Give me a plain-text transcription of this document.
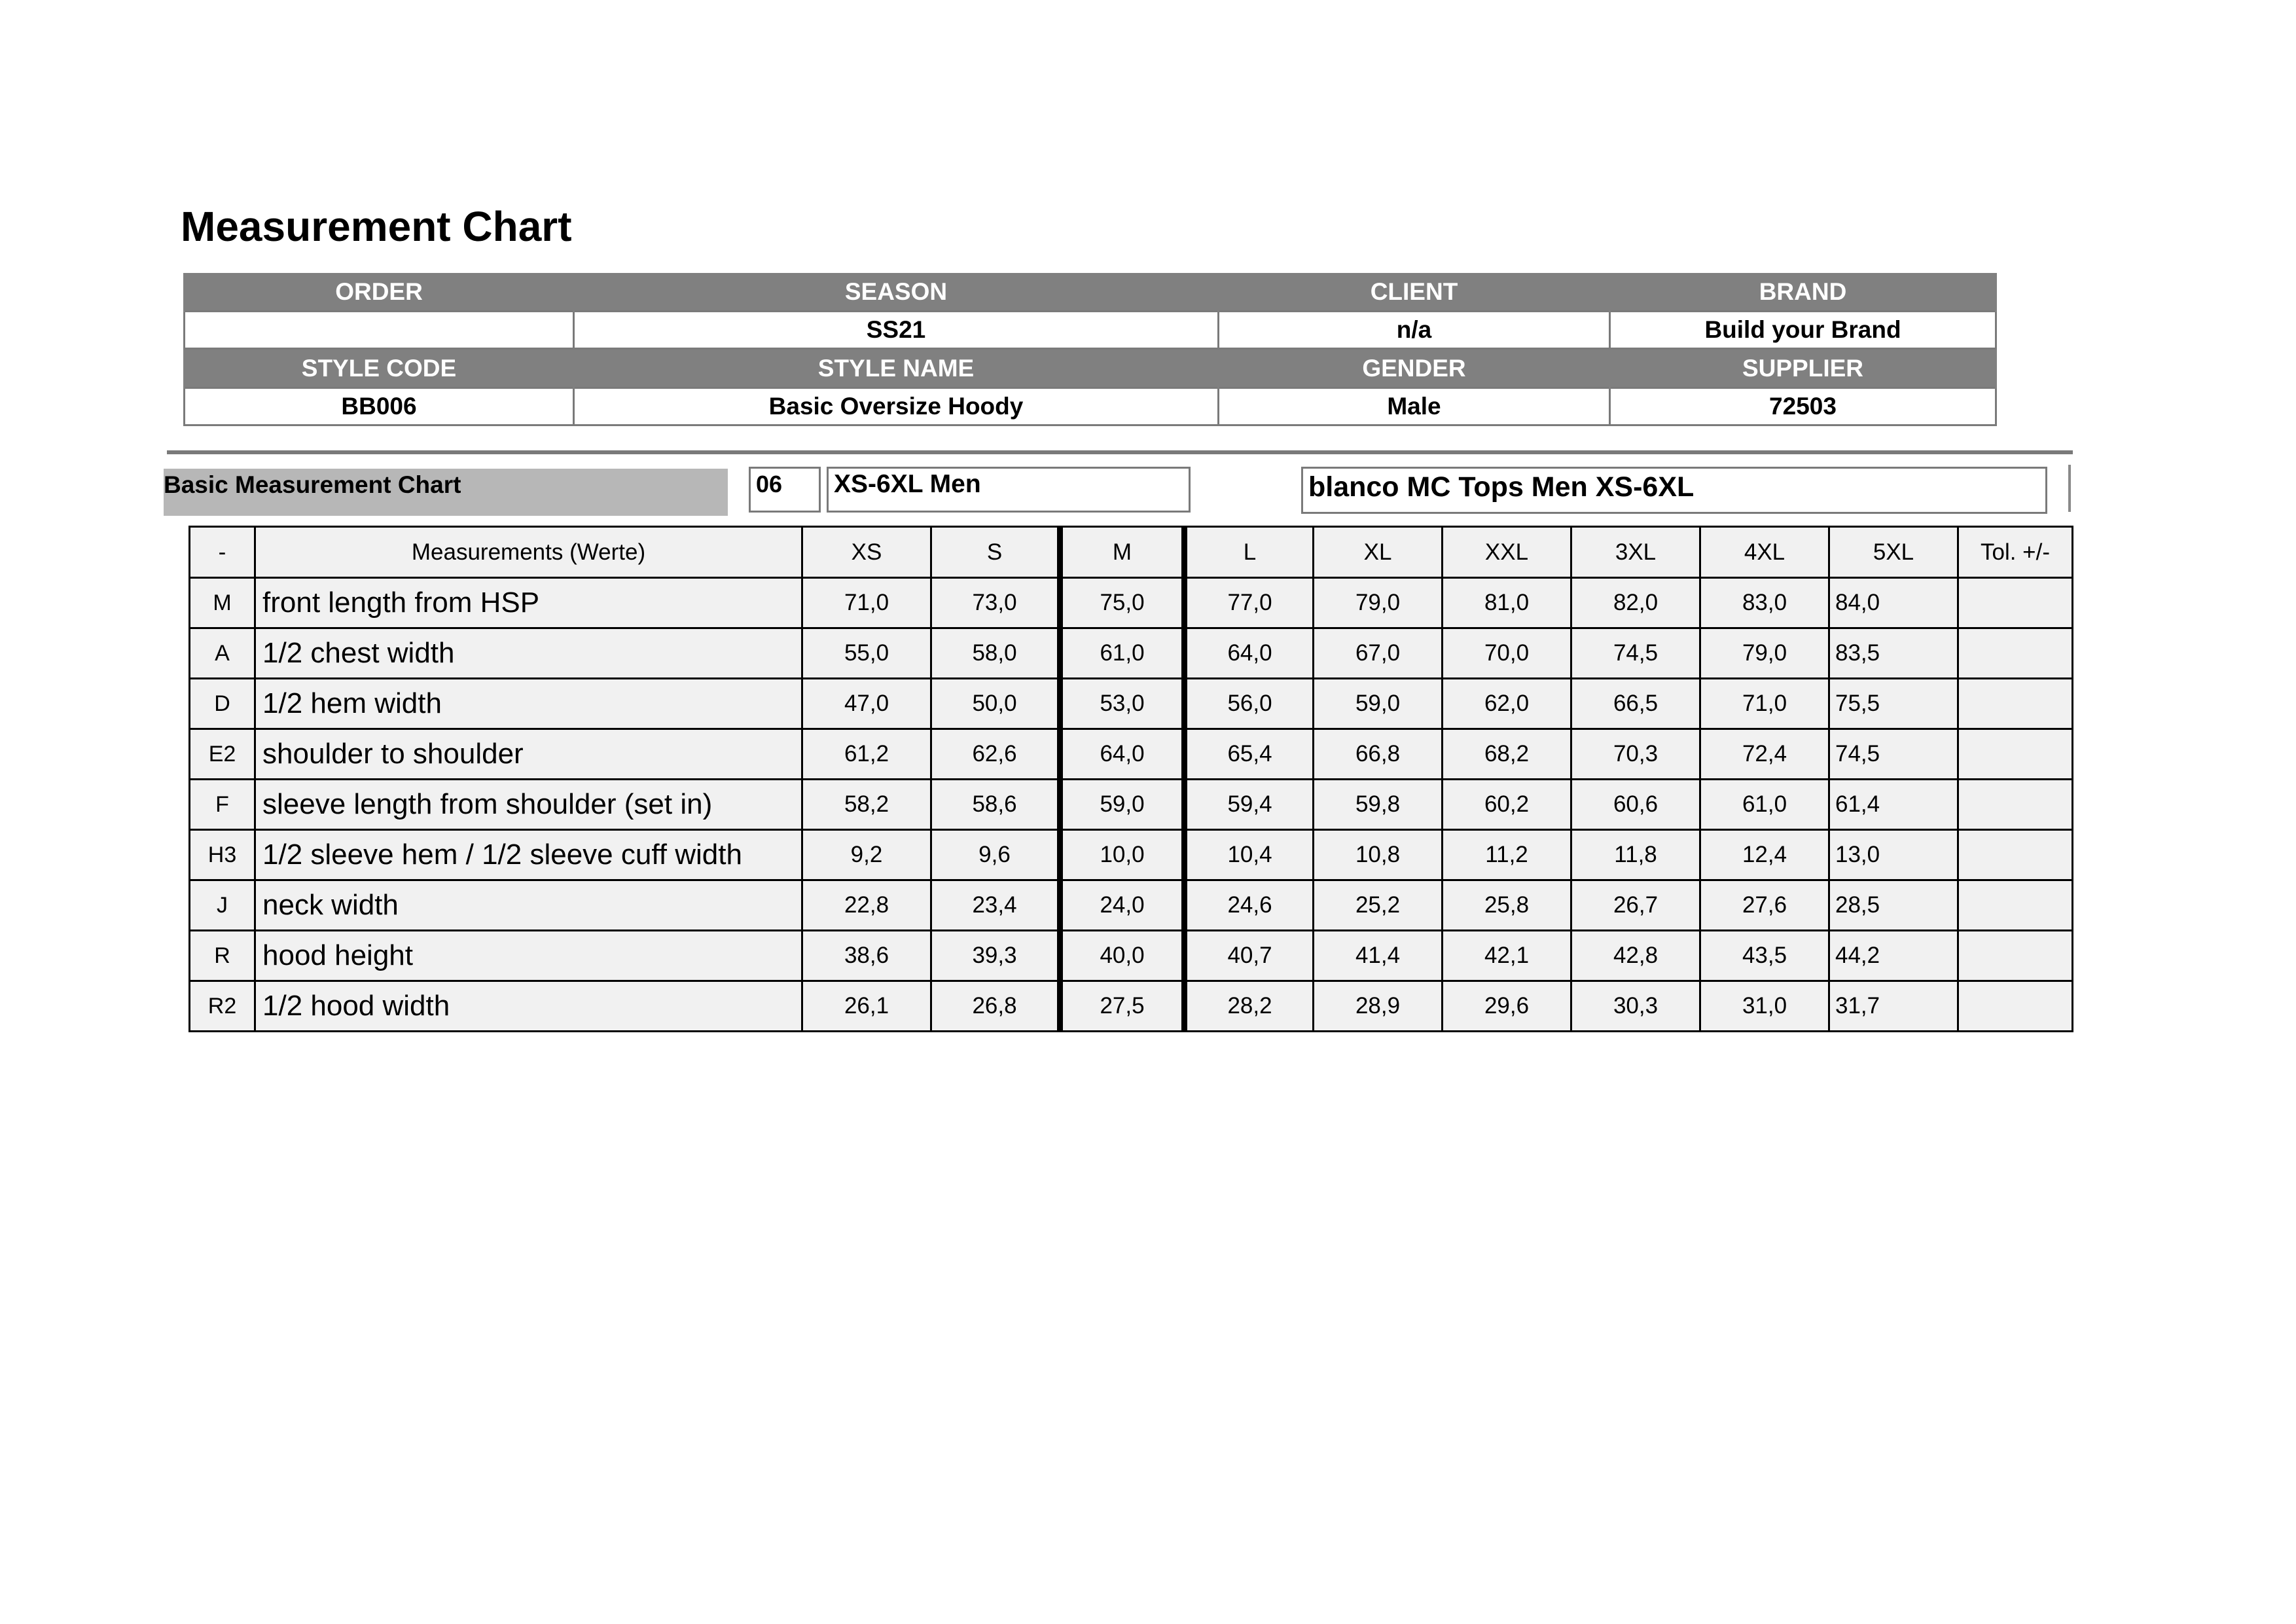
Measurement Chart
ORDER	SEASON	CLIENT	BRAND
	SS21	n/a	Build your Brand
STYLE CODE	STYLE NAME	GENDER	SUPPLIER
BB006	Basic Oversize Hoody	Male	72503
Basic Measurement Chart	06	XS-6XL Men	blanco MC Tops Men XS-6XL
-	Measurements (Werte)	XS	S	M	L	XL	XXL	3XL	4XL	5XL	Tol. +/-
M	front length from HSP	71,0	73,0	75,0	77,0	79,0	81,0	82,0	83,0	84,0	
A	1/2 chest width	55,0	58,0	61,0	64,0	67,0	70,0	74,5	79,0	83,5	
D	1/2 hem width	47,0	50,0	53,0	56,0	59,0	62,0	66,5	71,0	75,5	
E2	shoulder to shoulder	61,2	62,6	64,0	65,4	66,8	68,2	70,3	72,4	74,5	
F	sleeve length from shoulder (set in)	58,2	58,6	59,0	59,4	59,8	60,2	60,6	61,0	61,4	
H3	1/2 sleeve hem / 1/2 sleeve cuff width	9,2	9,6	10,0	10,4	10,8	11,2	11,8	12,4	13,0	
J	neck width	22,8	23,4	24,0	24,6	25,2	25,8	26,7	27,6	28,5	
R	hood height	38,6	39,3	40,0	40,7	41,4	42,1	42,8	43,5	44,2	
R2	1/2 hood width	26,1	26,8	27,5	28,2	28,9	29,6	30,3	31,0	31,7	
